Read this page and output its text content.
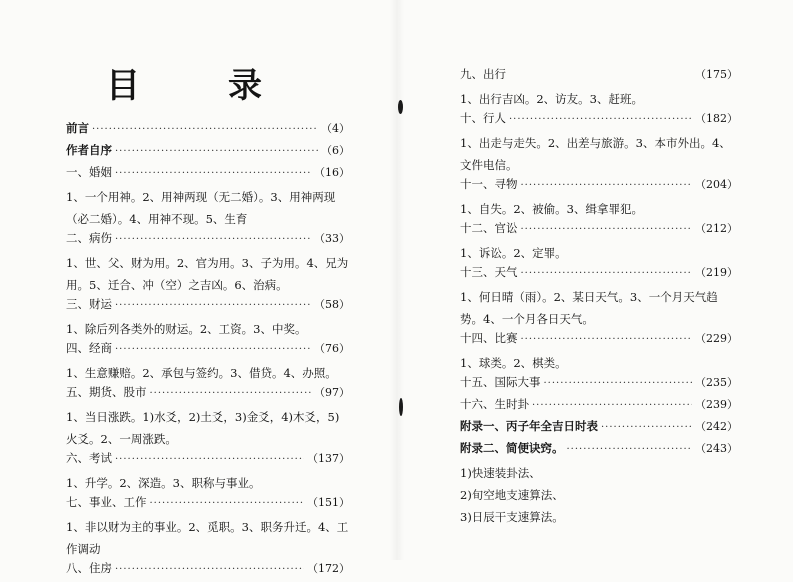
目	录
前言 ·····	（4）
作者自序 ·····	（6）
一、婚姻 ·····	（16）

1、一个用神。2、用神两现（无二婚）。3、用神两现（必二婚）。4、用神不现。5、生育

二、病伤 ·····	（33）

1、世、父、财为用。2、官为用。3、子为用。4、兄为用。5、迁合、冲（空）之吉凶。6、治病。

三、财运 ·····	（58）

1、除后列各类外的财运。2、工资。3、中奖。

四、经商 ·····	（76）

1、生意赚赔。2、承包与签约。3、借贷。4、办照。

五、期货、股市 ·····	（97）

1、当日涨跌。1)水爻，2)土爻，3)金爻，4)木爻，5)火爻。2、一周涨跌。

六、考试 ·····	（137）

1、升学。2、深造。3、职称与事业。

七、事业、工作 ·····	（151）

1、非以财为主的事业。2、觅职。3、职务升迁。4、工作调动

八、住房 ·····	（172）
九、出行	（175）

1、出行吉凶。2、访友。3、赶班。

十、行人 ·····	（182）

1、出走与走失。2、出差与旅游。3、本市外出。4、文件电信。

十一、寻物 ·····	（204）

1、自失。2、被偷。3、缉拿罪犯。

十二、官讼 ·····	（212）

1、诉讼。2、定罪。

十三、天气 ·····	（219）

1、何日晴（雨）。2、某日天气。3、一个月天气趋势。4、一个月各日天气。

十四、比赛 ·····	（229）

1、球类。2、棋类。

十五、国际大事 ·····	（235）
十六、生时卦 ·····	（239）
附录一、丙子年全吉日时表 ·····	（242）
附录二、简便诀窍。 ·····	（243）

1)快速装卦法、

2)旬空地支速算法、

3)日辰干支速算法。
